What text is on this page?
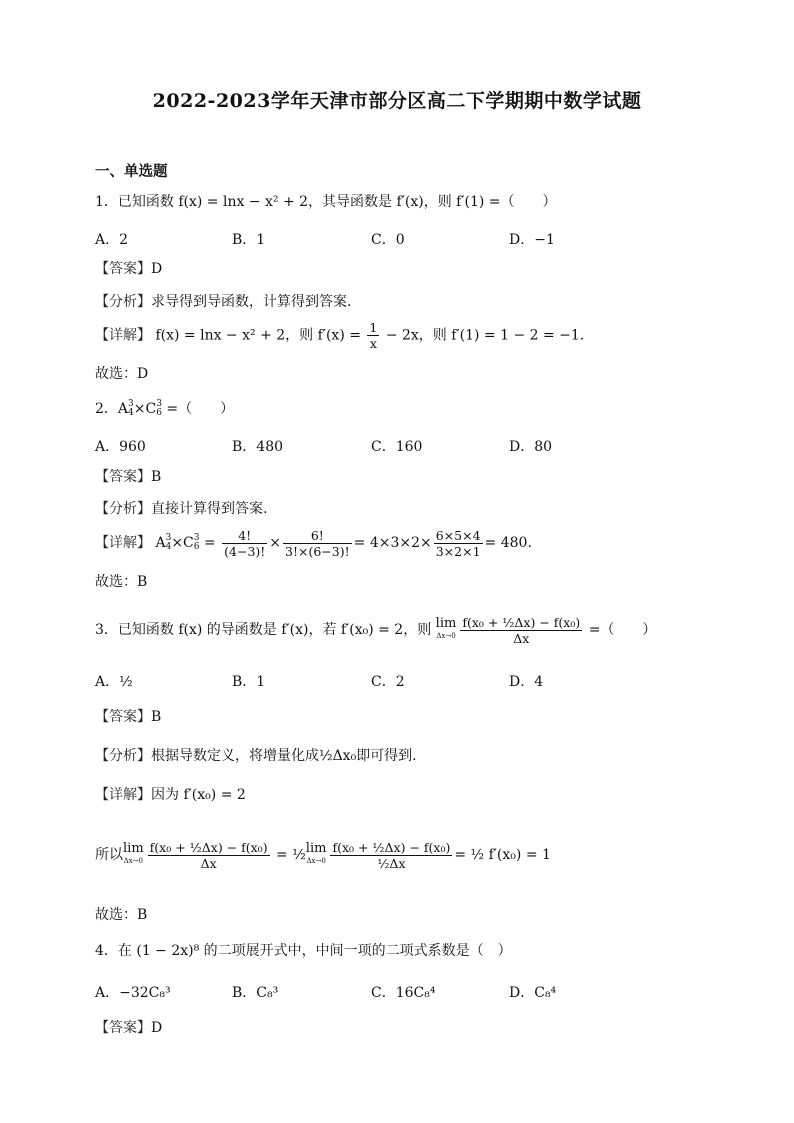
2022-2023学年天津市部分区高二下学期期中数学试题
一、单选题
1．已知函数 f(x) = lnx − x² + 2，其导函数是 f′(x)，则 f′(1) =（　　）
A．2	B．1	C．0	D．−1
【答案】D
【分析】求导得到导函数，计算得到答案.
【详解】 f(x) = lnx − x² + 2，则 $f'(x) = \frac{1}{x} - 2x$，则 f′(1) = 1 − 2 = −1.
故选：D
2．A 3
4 ×C 3
6 =（　　）
A．960	B．480	C．160	D．80
【答案】B
【分析】直接计算得到答案.
【详解】 A 3
4 ×C 3
$6 = \frac{4!}{(4-3)!} \times \frac{6!}{3!\times(6-3)!} = 4\times 3\times 2\times \frac{6\times 5\times 4}{3\times 2\times 1} = 480$.
故选：B
3．已知函数 f(x) 的导函数是 f′(x)，若 f′(x₀) = 2，则 lim
$\Delta x\to 0 \frac{\text{f(x₀ + ½Δx) − f(x₀)}}{\Delta x}$ =（　　）
A．½	B．1	C．2	D．4
【答案】B
【分析】根据导数定义，将增量化成½Δx₀即可得到.
【详解】因为 f′(x₀) = 2
所以 lim
$\Delta x\to 0 \frac{\text{f(x₀ + ½Δx) − f(x₀)}}{\Delta x}$ = ½ lim
$\Delta x\to 0 \frac{\text{f(x₀ + ½Δx) − f(x₀)}}{\text{½Δx}}$ = ½ f′(x₀) = 1
故选：B
4．在 (1 − 2x)⁸ 的二项展开式中，中间一项的二项式系数是（　）
A．−32C₈³	B．C₈³	C．16C₈⁴	D．C₈⁴
【答案】D
